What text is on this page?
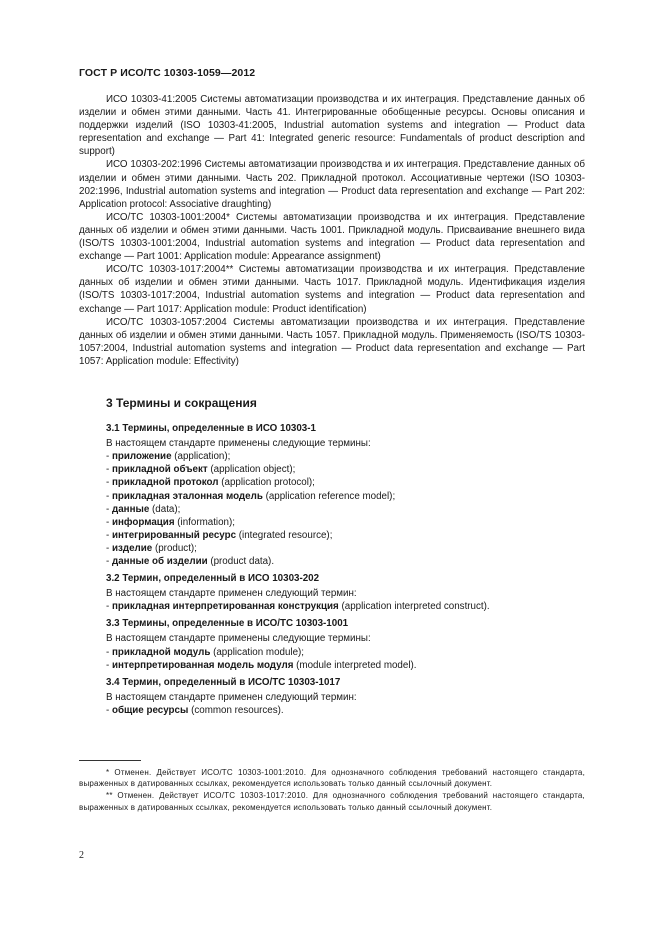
ГОСТ Р ИСО/ТС 10303-1059—2012

ИСО 10303-41:2005 Системы автоматизации производства и их интеграция. Представление данных об изделии и обмен этими данными. Часть 41. Интегрированные обобщенные ресурсы. Основы описания и поддержки изделий (ISO 10303-41:2005, Industrial automation systems and integration — Product data representation and exchange — Part 41: Integrated generic resource: Fundamentals of product description and support)

ИСО 10303-202:1996 Системы автоматизации производства и их интеграция. Представление данных об изделии и обмен этими данными. Часть 202. Прикладной протокол. Ассоциативные чертежи (ISO 10303-202:1996, Industrial automation systems and integration — Product data representation and exchange — Part 202: Application protocol: Associative draughting)

ИСО/ТС 10303-1001:2004* Системы автоматизации производства и их интеграция. Представление данных об изделии и обмен этими данными. Часть 1001. Прикладной модуль. Присваивание внешнего вида (ISO/TS 10303-1001:2004, Industrial automation systems and integration — Product data representation and exchange — Part 1001: Application module: Appearance assignment)

ИСО/ТС 10303-1017:2004** Системы автоматизации производства и их интеграция. Представление данных об изделии и обмен этими данными. Часть 1017. Прикладной модуль. Идентификация изделия (ISO/TS 10303-1017:2004, Industrial automation systems and integration — Product data representation and exchange — Part 1017: Application module: Product identification)

ИСО/ТС 10303-1057:2004 Системы автоматизации производства и их интеграция. Представление данных об изделии и обмен этими данными. Часть 1057. Прикладной модуль. Применяемость (ISO/TS 10303-1057:2004, Industrial automation systems and integration — Product data representation and exchange — Part 1057: Application module: Effectivity)

3 Термины и сокращения
3.1 Термины, определенные в ИСО 10303-1
В настоящем стандарте применены следующие термины:
- приложение (application);
- прикладной объект (application object);
- прикладной протокол (application protocol);
- прикладная эталонная модель (application reference model);
- данные (data);
- информация (information);
- интегрированный ресурс (integrated resource);
- изделие (product);
- данные об изделии (product data).
3.2 Термин, определенный в ИСО 10303-202
В настоящем стандарте применен следующий термин:
- прикладная интерпретированная конструкция (application interpreted construct).
3.3 Термины, определенные в ИСО/ТС 10303-1001
В настоящем стандарте применены следующие термины:
- прикладной модуль (application module);
- интерпретированная модель модуля (module interpreted model).
3.4 Термин, определенный в ИСО/ТС 10303-1017
В настоящем стандарте применен следующий термин:
- общие ресурсы (common resources).

* Отменен. Действует ИСО/ТС 10303-1001:2010. Для однозначного соблюдения требований настоящего стандарта, выраженных в датированных ссылках, рекомендуется использовать только данный ссылочный документ.

** Отменен. Действует ИСО/ТС 10303-1017:2010. Для однозначного соблюдения требований настоящего стандарта, выраженных в датированных ссылках, рекомендуется использовать только данный ссылочный документ.

2
